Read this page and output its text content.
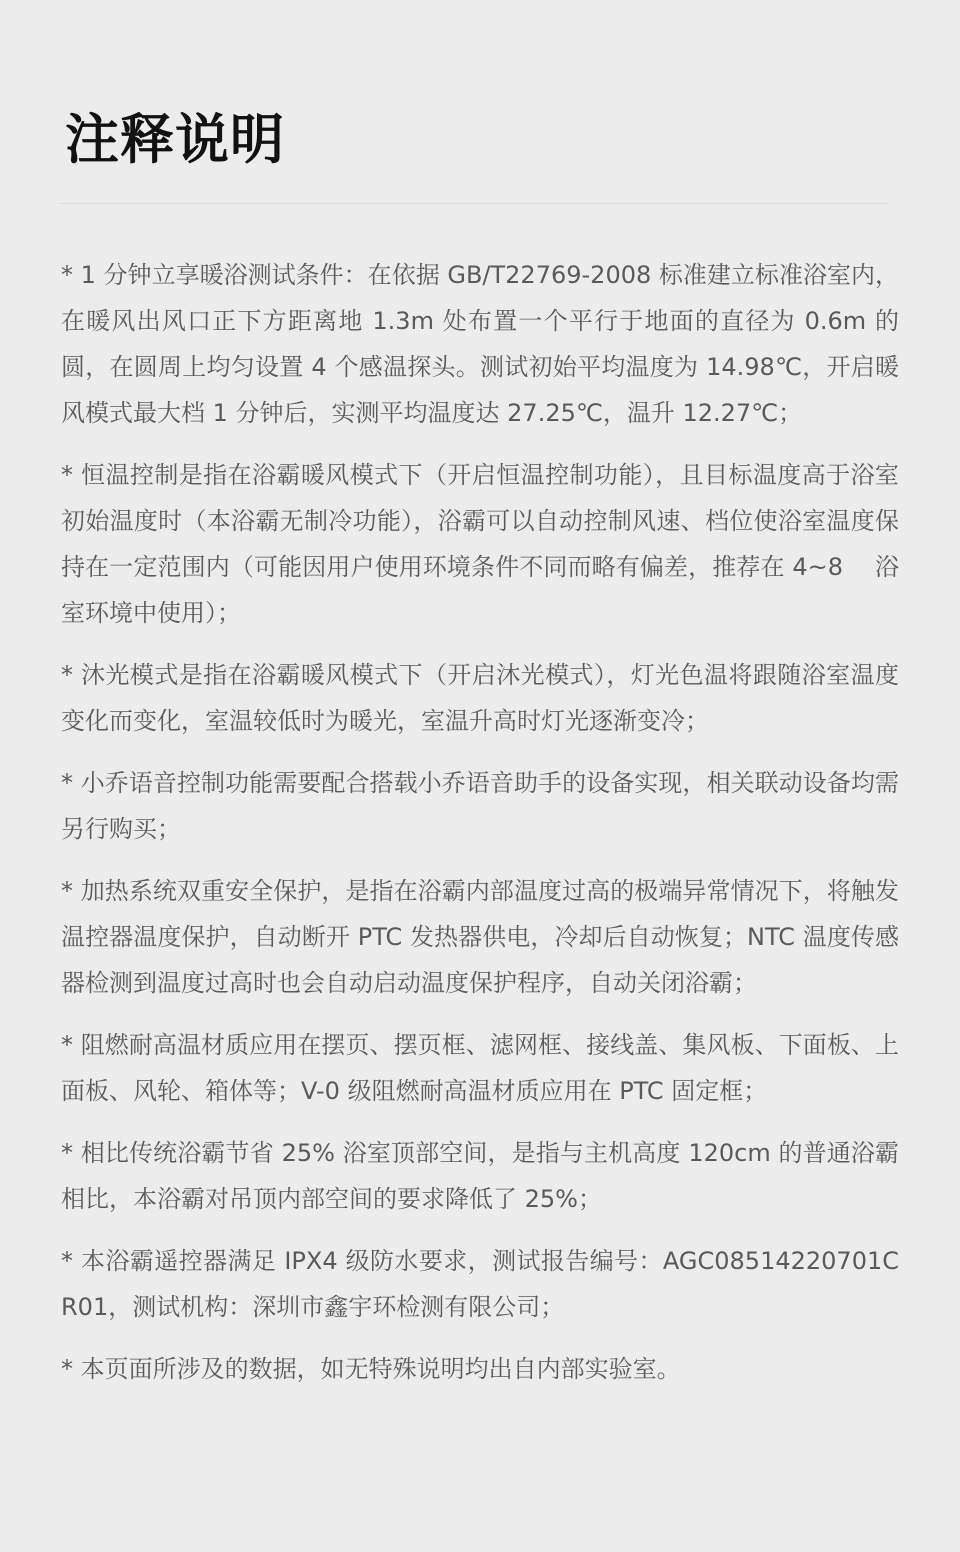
注释说明
* 1 分钟立享暖浴测试条件：在依据 GB/T22769-2008 标准建立标准浴室内，在暖风出风口正下方距离地 1.3m 处布置一个平行于地面的直径为 0.6m 的圆，在圆周上均匀设置 4 个感温探头。测试初始平均温度为 14.98℃，开启暖风模式最大档 1 分钟后，实测平均温度达 27.25℃，温升 12.27℃；
* 恒温控制是指在浴霸暖风模式下（开启恒温控制功能），且目标温度高于浴室初始温度时（本浴霸无制冷功能），浴霸可以自动控制风速、档位使浴室温度保持在一定范围内（可能因用户使用环境条件不同而略有偏差，推荐在 4~8　 浴室环境中使用）；
* 沐光模式是指在浴霸暖风模式下（开启沐光模式），灯光色温将跟随浴室温度变化而变化，室温较低时为暖光，室温升高时灯光逐渐变冷；
* 小乔语音控制功能需要配合搭载小乔语音助手的设备实现，相关联动设备均需另行购买；
* 加热系统双重安全保护，是指在浴霸内部温度过高的极端异常情况下，将触发温控器温度保护，自动断开 PTC 发热器供电，冷却后自动恢复；NTC 温度传感器检测到温度过高时也会自动启动温度保护程序，自动关闭浴霸；
* 阻燃耐高温材质应用在摆页、摆页框、滤网框、接线盖、集风板、下面板、上面板、风轮、箱体等；V-0 级阻燃耐高温材质应用在 PTC 固定框；
* 相比传统浴霸节省 25% 浴室顶部空间，是指与主机高度 120cm 的普通浴霸相比，本浴霸对吊顶内部空间的要求降低了 25%；
* 本浴霸遥控器满足 IPX4 级防水要求，测试报告编号：AGC08514220701CR01，测试机构：深圳市鑫宇环检测有限公司；
* 本页面所涉及的数据，如无特殊说明均出自内部实验室。
